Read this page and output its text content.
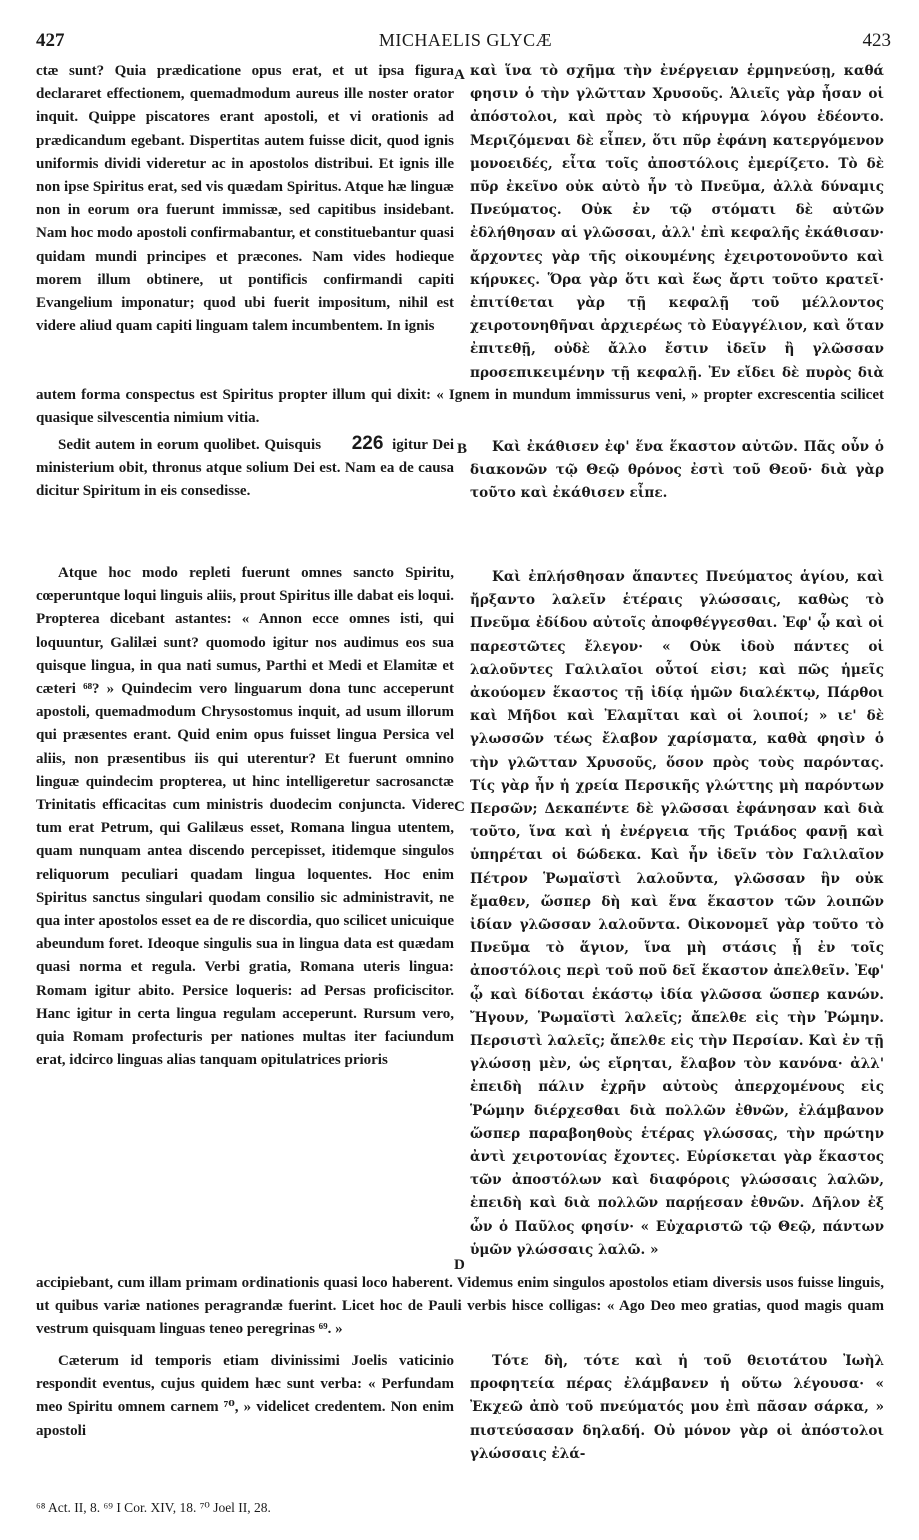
427	MICHAELIS GLYCÆ	423
ctæ sunt? Quia prædicatione opus erat, et ut ipsa figura declararet effectionem, quemadmodum aureus ille noster orator inquit. Quippe piscatores erant apostoli, et vi orationis ad prædicandum egebant. Dispertitas autem fuisse dicit, quod ignis uniformis dividi videretur ac in apostolos distribui. Et ignis ille non ipse Spiritus erat, sed vis quædam Spiritus. Atque hæ linguæ non in eorum ora fuerunt immissæ, sed capitibus insidebant. Nam hoc modo apostoli confirmabantur, et constituebantur quasi quidam mundi principes et præcones. Nam vides hodieque morem illum obtinere, ut pontificis confirmandi capiti Evangelium imponatur; quod ubi fuerit impositum, nihil est videre aliud quam capiti linguam talem incumbentem. In ignis
A καὶ ἵνα τὸ σχῆμα τὴν ἐνέργειαν ἑρμηνεύσῃ, καθά φησιν ὁ τὴν γλῶτταν Χρυσοῦς. Ἁλιεῖς γὰρ ἦσαν οἱ ἀπόστολοι, καὶ πρὸς τὸ κήρυγμα λόγου ἐδέοντο. Μεριζόμεναι δὲ εἶπεν, ὅτι πῦρ ἐφάνη κατεργόμενον μονοειδές, εἶτα τοῖς ἀποστόλοις ἐμερίζετο. Τὸ δὲ πῦρ ἐκεῖνο οὐκ αὐτὸ ἦν τὸ Πνεῦμα, ἀλλὰ δύναμις Πνεύματος. Οὐκ ἐν τῷ στόματι δὲ αὐτῶν ἐδλήθησαν αἱ γλῶσσαι, ἀλλ' ἐπὶ κεφαλῆς ἐκάθισαν· ἄρχοντες γὰρ τῆς οἰκουμένης ἐχειροτονοῦντο καὶ κήρυκες. Ὅρα γὰρ ὅτι καὶ ἕως ἄρτι τοῦτο κρατεῖ· ἐπιτίθεται γὰρ τῇ κεφαλῇ τοῦ μέλλοντος χειροτονηθῆναι ἀρχιερέως τὸ Εὐαγγέλιον, καὶ ὅταν ἐπιτεθῇ, οὐδὲ ἄλλο ἔστιν ἰδεῖν ἢ γλῶσσαν προσεπικειμένην τῇ κεφαλῇ. Ἐν εἴδει δὲ πυρὸς διὰ
autem forma conspectus est Spiritus propter illum qui dixit: « Ignem in mundum immissurus veni, » propter excrescentia scilicet quasique silvescentia nimium vitia.
Sedit autem in eorum quolibet. Quisquis 226 igitur Dei ministerium obit, thronus atque solium Dei est. Nam ea de causa dicitur Spiritum in eis consedisse.
B	Καὶ ἐκάθισεν ἐφ' ἕνα ἕκαστον αὐτῶν. Πᾶς οὖν ὁ διακονῶν τῷ Θεῷ θρόνος ἐστὶ τοῦ Θεοῦ· διὰ γὰρ τοῦτο καὶ ἐκάθισεν εἶπε.
Atque hoc modo repleti fuerunt omnes sancto Spiritu, cœperuntque loqui linguis aliis, prout Spiritus ille dabat eis loqui. Propterea dicebant astantes: « Annon ecce omnes isti, qui loquuntur, Galilæi sunt? quomodo igitur nos audimus eos sua quisque lingua, in qua nati sumus, Parthi et Medi et Elamitæ et cæteri ⁶⁸? » Quindecim vero linguarum dona tunc acceperunt apostoli, quemadmodum Chrysostomus inquit, ad usum illorum qui præsentes erant. Quid enim opus fuisset lingua Persica vel aliis, non præsentibus iis qui uterentur? Et fuerunt omnino linguæ quindecim propterea, ut hinc intelligeretur sacrosanctæ Trinitatis efficacitas cum ministris duodecim conjuncta. Videre tum erat Petrum, qui Galilæus esset, Romana lingua utentem, quam nunquam antea discendo percepisset, itidemque singulos reliquorum peculiari quadam lingua loquentes. Hoc enim Spiritus sanctus singulari quodam consilio sic administravit, ne qua inter apostolos esset ea de re discordia, quo scilicet unicuique abeundum foret. Ideoque singulis sua in lingua data est quædam quasi norma et regula. Verbi gratia, Romana uteris lingua: Romam igitur abito. Persice loqueris: ad Persas proficiscitor. Hanc igitur in certa lingua regulam acceperunt. Rursum vero, quia Romam profecturis per nationes multas iter faciundum erat, idcirco linguas alias tanquam opitulatrices prioris
C
D
Καὶ ἐπλήσθησαν ἅπαντες Πνεύματος ἁγίου, καὶ ἤρξαντο λαλεῖν ἑτέραις γλώσσαις, καθὼς τὸ Πνεῦμα ἐδίδου αὐτοῖς ἀποφθέγγεσθαι. Ἐφ' ᾧ καὶ οἱ παρεστῶτες ἔλεγον· « Οὐκ ἰδοὺ πάντες οἱ λαλοῦντες Γαλιλαῖοι οὗτοί εἰσι; καὶ πῶς ἡμεῖς ἀκούομεν ἕκαστος τῇ ἰδίᾳ ἡμῶν διαλέκτῳ, Πάρθοι καὶ Μῆδοι καὶ Ἐλαμῖται καὶ οἱ λοιποί; » ιε' δὲ γλωσσῶν τέως ἔλαβον χαρίσματα, καθὰ φησὶν ὁ τὴν γλῶτταν Χρυσοῦς, ὅσον πρὸς τοὺς παρόντας. Τίς γὰρ ἦν ἡ χρεία Περσικῆς γλώττης μὴ παρόντων Περσῶν; Δεκαπέντε δὲ γλῶσσαι ἐφάνησαν καὶ διὰ τοῦτο, ἵνα καὶ ἡ ἐνέργεια τῆς Τριάδος φανῇ καὶ ὑπηρέται οἱ δώδεκα. Καὶ ἦν ἰδεῖν τὸν Γαλιλαῖον Πέτρον Ῥωμαϊστὶ λαλοῦντα, γλῶσσαν ἣν οὐκ ἔμαθεν, ὥσπερ δὴ καὶ ἕνα ἕκαστον τῶν λοιπῶν ἰδίαν γλῶσσαν λαλοῦντα. Οἰκονομεῖ γὰρ τοῦτο τὸ Πνεῦμα τὸ ἅγιον, ἵνα μὴ στάσις ᾖ ἐν τοῖς ἀποστόλοις περὶ τοῦ ποῦ δεῖ ἕκαστον ἀπελθεῖν. Ἐφ' ᾧ καὶ δίδοται ἑκάστῳ ἰδία γλῶσσα ὥσπερ κανών. Ἤγουν, Ῥωμαϊστὶ λαλεῖς; ἄπελθε εἰς τὴν Ῥώμην. Περσιστὶ λαλεῖς; ἄπελθε εἰς τὴν Περσίαν. Καὶ ἐν τῇ γλώσσῃ μὲν, ὡς εἴρηται, ἔλαβον τὸν κανόνα· ἀλλ' ἐπειδὴ πάλιν ἐχρῆν αὐτοὺς ἀπερχομένους εἰς Ῥώμην διέρχεσθαι διὰ πολλῶν ἐθνῶν, ἐλάμβανον ὥσπερ παραβοηθοὺς ἑτέρας γλώσσας, τὴν πρώτην ἀντὶ χειροτονίας ἔχοντες. Εὑρίσκεται γὰρ ἕκαστος τῶν ἀποστόλων καὶ διαφόροις γλώσσαις λαλῶν, ἐπειδὴ καὶ διὰ πολλῶν παρῄεσαν ἐθνῶν. Δῆλον ἐξ ὧν ὁ Παῦλος φησίν· « Εὐχαριστῶ τῷ Θεῷ, πάντων ὑμῶν γλώσσαις λαλῶ. »
accipiebant, cum illam primam ordinationis quasi loco haberent. Videmus enim singulos apostolos etiam diversis usos fuisse linguis, ut quibus variæ nationes peragrandæ fuerint. Licet hoc de Pauli verbis hisce colligas: « Ago Deo meo gratias, quod magis quam vestrum quisquam linguas teneo peregrinas ⁶⁹. »
Cæterum id temporis etiam divinissimi Joelis vaticinio respondit eventus, cujus quidem hæc sunt verba: « Perfundam meo Spiritu omnem carnem ⁷⁰, » videlicet credentem. Non enim apostoli
Τότε δὴ, τότε καὶ ἡ τοῦ θειοτάτου Ἰωὴλ προφητεία πέρας ἐλάμβανεν ἡ οὕτω λέγουσα· « Ἐκχεῶ ἀπὸ τοῦ πνεύματός μου ἐπὶ πᾶσαν σάρκα, » πιστεύσασαν δηλαδή. Οὐ μόνον γὰρ οἱ ἀπόστολοι γλώσσαις ἐλά-
⁶⁸ Act. II, 8. ⁶⁹ I Cor. XIV, 18. ⁷⁰ Joel II, 28.
